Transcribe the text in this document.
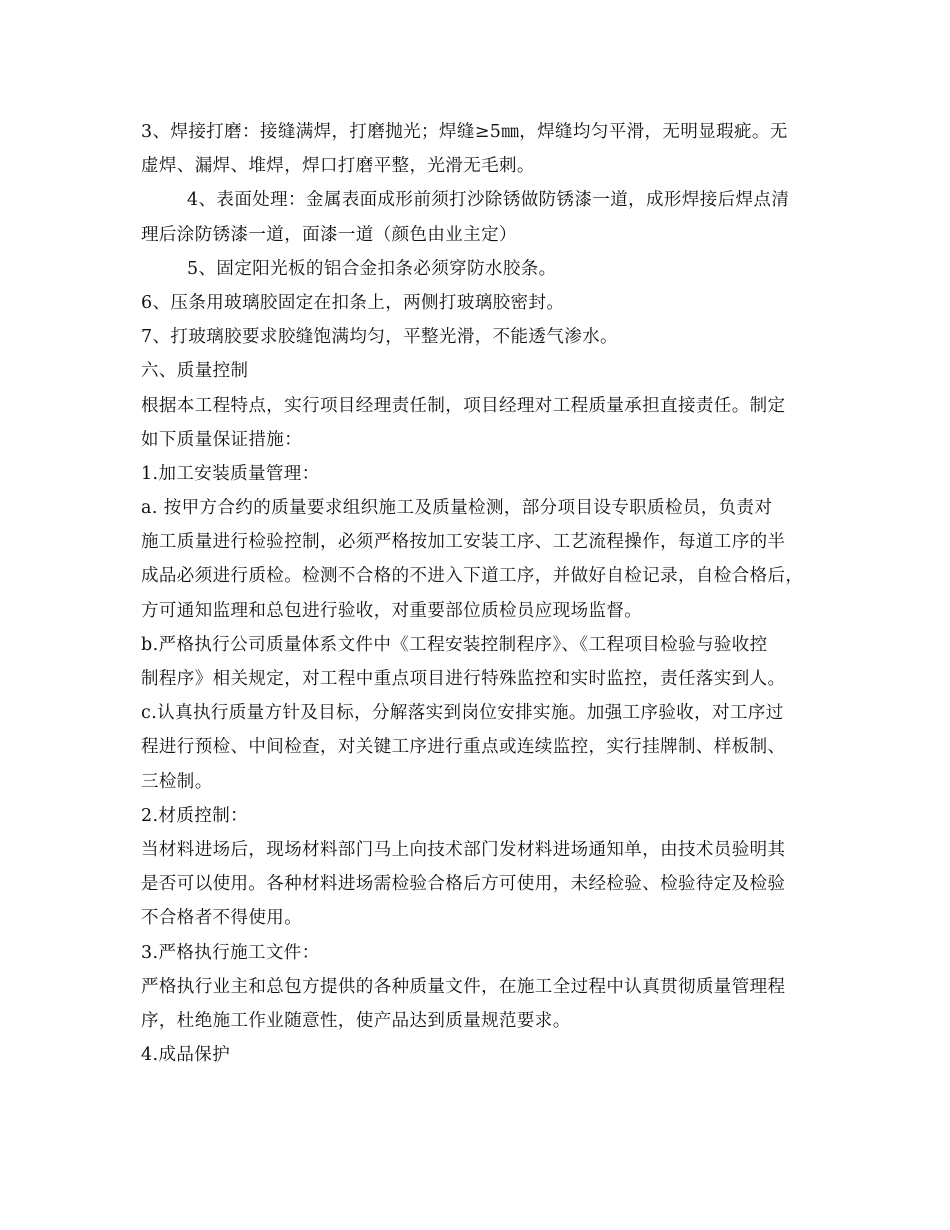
3、焊接打磨：接缝满焊，打磨抛光；焊缝≥5㎜，焊缝均匀平滑，无明显瑕疵。无
虚焊、漏焊、堆焊，焊口打磨平整，光滑无毛刺。
4、表面处理：金属表面成形前须打沙除锈做防锈漆一道，成形焊接后焊点清
理后涂防锈漆一道，面漆一道（颜色由业主定）
5、固定阳光板的铝合金扣条必须穿防水胶条。
6、压条用玻璃胶固定在扣条上，两侧打玻璃胶密封。
7、打玻璃胶要求胶缝饱满均匀，平整光滑，不能透气渗水。
六、质量控制
根据本工程特点，实行项目经理责任制，项目经理对工程质量承担直接责任。制定
如下质量保证措施：
1.加工安装质量管理：
a. 按甲方合约的质量要求组织施工及质量检测，部分项目设专职质检员，负责对
施工质量进行检验控制，必须严格按加工安装工序、工艺流程操作，每道工序的半
成品必须进行质检。检测不合格的不进入下道工序，并做好自检记录，自检合格后，
方可通知监理和总包进行验收，对重要部位质检员应现场监督。
b.严格执行公司质量体系文件中《工程安装控制程序》、《工程项目检验与验收控
制程序》相关规定，对工程中重点项目进行特殊监控和实时监控，责任落实到人。
c.认真执行质量方针及目标，分解落实到岗位安排实施。加强工序验收，对工序过
程进行预检、中间检查，对关键工序进行重点或连续监控，实行挂牌制、样板制、
三检制。
2.材质控制：
当材料进场后，现场材料部门马上向技术部门发材料进场通知单，由技术员验明其
是否可以使用。各种材料进场需检验合格后方可使用，未经检验、检验待定及检验
不合格者不得使用。
3.严格执行施工文件：
严格执行业主和总包方提供的各种质量文件，在施工全过程中认真贯彻质量管理程
序，杜绝施工作业随意性，使产品达到质量规范要求。
4.成品保护
